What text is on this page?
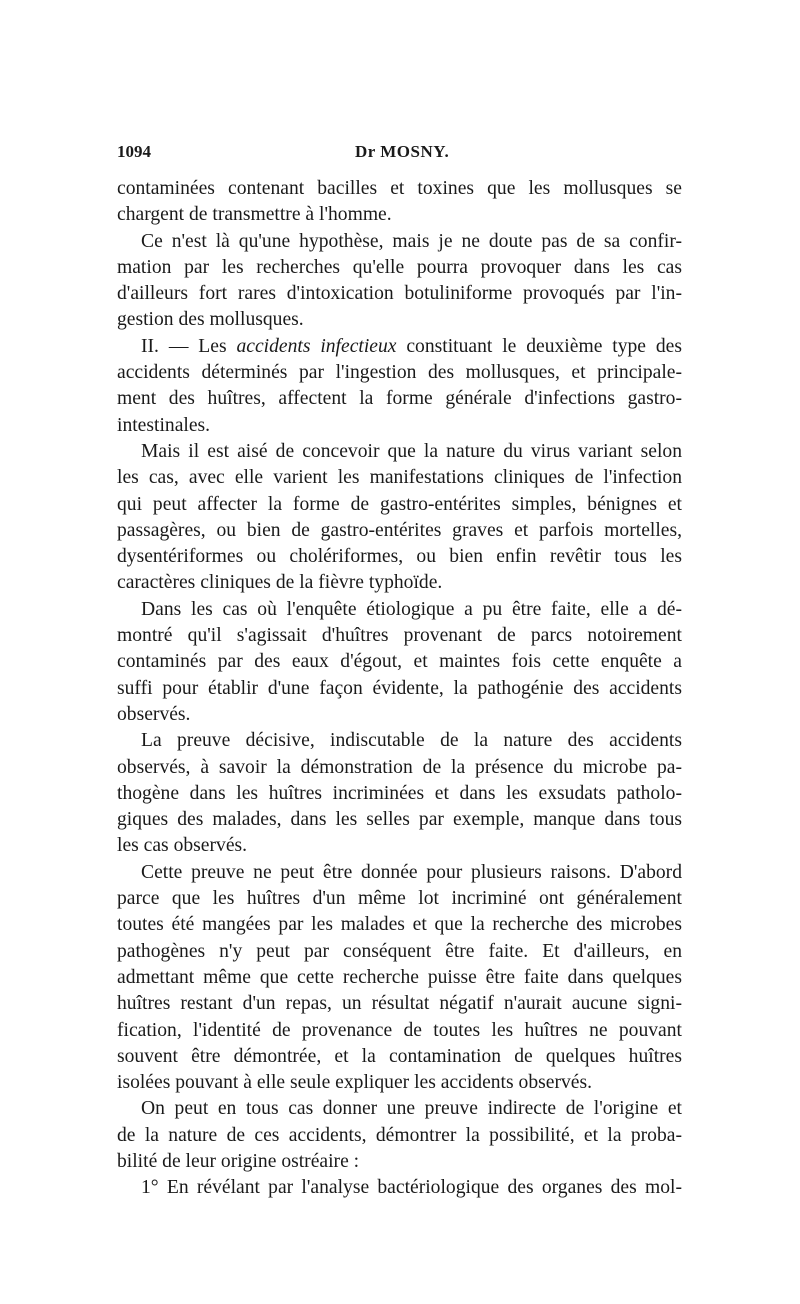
1094	Dr MOSNY.
contaminées contenant bacilles et toxines que les mollusques se
chargent de transmettre à l'homme.
Ce n'est là qu'une hypothèse, mais je ne doute pas de sa confir-
mation par les recherches qu'elle pourra provoquer dans les cas
d'ailleurs fort rares d'intoxication botuliniforme provoqués par l'in-
gestion des mollusques.
II. — Les accidents infectieux constituant le deuxième type des
accidents déterminés par l'ingestion des mollusques, et principale-
ment des huîtres, affectent la forme générale d'infections gastro-
intestinales.
Mais il est aisé de concevoir que la nature du virus variant selon
les cas, avec elle varient les manifestations cliniques de l'infection
qui peut affecter la forme de gastro-entérites simples, bénignes et
passagères, ou bien de gastro-entérites graves et parfois mortelles,
dysentériformes ou cholériformes, ou bien enfin revêtir tous les
caractères cliniques de la fièvre typhoïde.
Dans les cas où l'enquête étiologique a pu être faite, elle a dé-
montré qu'il s'agissait d'huîtres provenant de parcs notoirement
contaminés par des eaux d'égout, et maintes fois cette enquête a
suffi pour établir d'une façon évidente, la pathogénie des accidents
observés.
La preuve décisive, indiscutable de la nature des accidents
observés, à savoir la démonstration de la présence du microbe pa-
thogène dans les huîtres incriminées et dans les exsudats patholo-
giques des malades, dans les selles par exemple, manque dans tous
les cas observés.
Cette preuve ne peut être donnée pour plusieurs raisons. D'abord
parce que les huîtres d'un même lot incriminé ont généralement
toutes été mangées par les malades et que la recherche des microbes
pathogènes n'y peut par conséquent être faite. Et d'ailleurs, en
admettant même que cette recherche puisse être faite dans quelques
huîtres restant d'un repas, un résultat négatif n'aurait aucune signi-
fication, l'identité de provenance de toutes les huîtres ne pouvant
souvent être démontrée, et la contamination de quelques huîtres
isolées pouvant à elle seule expliquer les accidents observés.
On peut en tous cas donner une preuve indirecte de l'origine et
de la nature de ces accidents, démontrer la possibilité, et la proba-
bilité de leur origine ostréaire :
1° En révélant par l'analyse bactériologique des organes des mol-
